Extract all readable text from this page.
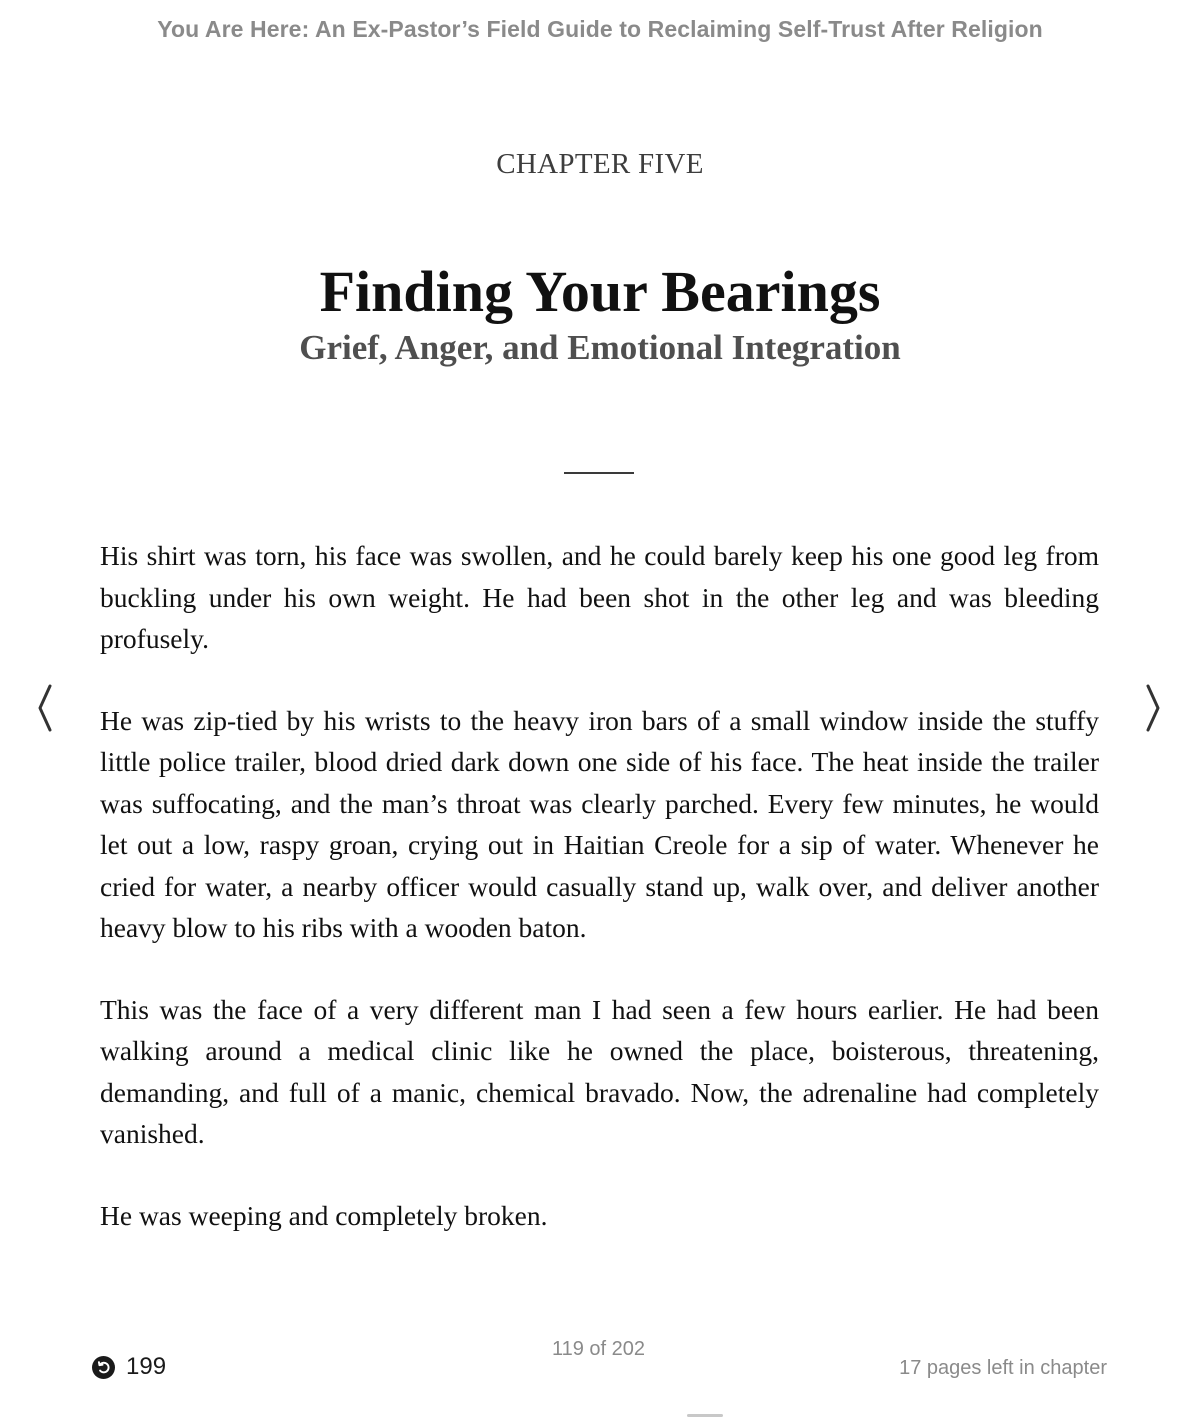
You Are Here: An Ex-Pastor’s Field Guide to Reclaiming Self-Trust After Religion
CHAPTER FIVE
Finding Your Bearings
Grief, Anger, and Emotional Integration

His shirt was torn, his face was swollen, and he could barely keep his one good leg from buckling under his own weight. He had been shot in the other leg and was bleeding profusely.

He was zip-tied by his wrists to the heavy iron bars of a small window inside the stuffy little police trailer, blood dried dark down one side of his face. The heat inside the trailer was suffocating, and the man’s throat was clearly parched. Every few minutes, he would let out a low, raspy groan, crying out in Haitian Creole for a sip of water. Whenever he cried for water, a nearby officer would casually stand up, walk over, and deliver another heavy blow to his ribs with a wooden baton.

This was the face of a very different man I had seen a few hours earlier. He had been walking around a medical clinic like he owned the place, boisterous, threatening, demanding, and full of a manic, chemical bravado. Now, the adrenaline had completely vanished.

He was weeping and completely broken.

199
119 of 202
17 pages left in chapter
